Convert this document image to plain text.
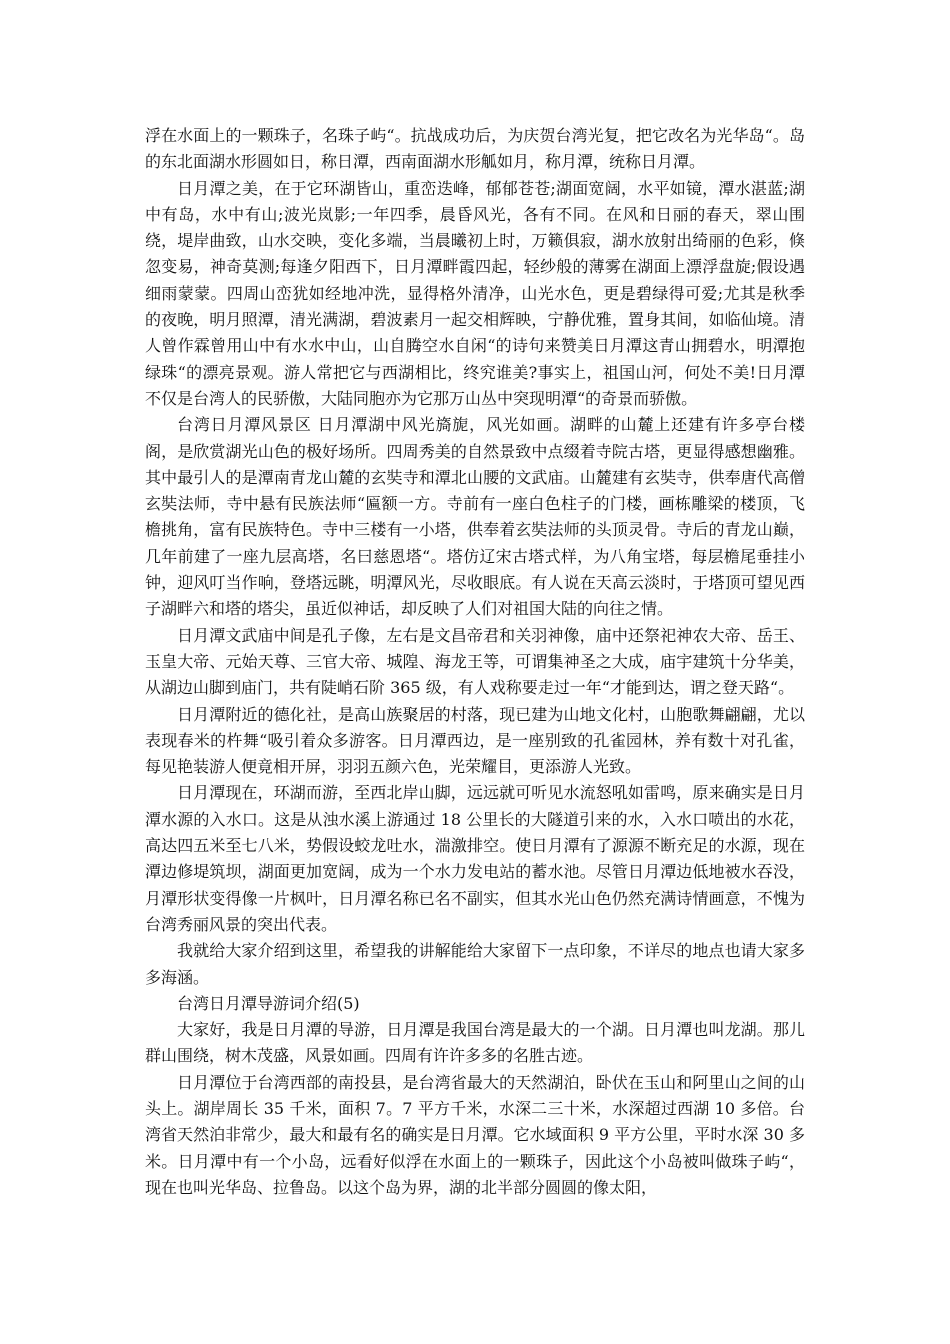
浮在水面上的一颗珠子，名珠子屿“。抗战成功后，为庆贺台湾光复，把它改名为光华岛“。岛的东北面湖水形圆如日，称日潭，西南面湖水形觚如月，称月潭，统称日月潭。

日月潭之美，在于它环湖皆山，重峦迭峰，郁郁苍苍;湖面宽阔，水平如镜，潭水湛蓝;湖中有岛，水中有山;波光岚影;一年四季，晨昏风光，各有不同。在风和日丽的春天，翠山围绕，堤岸曲致，山水交映，变化多端，当晨曦初上时，万籁俱寂，湖水放射出绮丽的色彩，倏忽变易，神奇莫测;每逢夕阳西下，日月潭畔霞四起，轻纱般的薄雾在湖面上漂浮盘旋;假设遇细雨蒙蒙。四周山峦犹如经地冲洗，显得格外清净，山光水色，更是碧绿得可爱;尤其是秋季的夜晚，明月照潭，清光满湖，碧波素月一起交相辉映，宁静优雅，置身其间，如临仙境。清人曾作霖曾用山中有水水中山，山自腾空水自闲“的诗句来赞美日月潭这青山拥碧水，明潭抱绿珠“的漂亮景观。游人常把它与西湖相比，终究谁美?事实上，祖国山河，何处不美!日月潭不仅是台湾人的民骄傲，大陆同胞亦为它那万山丛中突现明潭“的奇景而骄傲。

台湾日月潭风景区 日月潭湖中风光旖旎，风光如画。湖畔的山麓上还建有许多亭台楼阁，是欣赏湖光山色的极好场所。四周秀美的自然景致中点缀着寺院古塔，更显得感想幽雅。其中最引人的是潭南青龙山麓的玄奘寺和潭北山腰的文武庙。山麓建有玄奘寺，供奉唐代高僧玄奘法师，寺中悬有民族法师“匾额一方。寺前有一座白色柱子的门楼，画栋雕梁的楼顶，飞檐挑角，富有民族特色。寺中三楼有一小塔，供奉着玄奘法师的头顶灵骨。寺后的青龙山巅，几年前建了一座九层高塔，名曰慈恩塔“。塔仿辽宋古塔式样，为八角宝塔，每层檐尾垂挂小钟，迎风叮当作响，登塔远眺，明潭风光，尽收眼底。有人说在天高云淡时，于塔顶可望见西子湖畔六和塔的塔尖，虽近似神话，却反映了人们对祖国大陆的向往之情。

日月潭文武庙中间是孔子像，左右是文昌帝君和关羽神像，庙中还祭祀神农大帝、岳王、玉皇大帝、元始天尊、三官大帝、城隍、海龙王等，可谓集神圣之大成，庙宇建筑十分华美，从湖边山脚到庙门，共有陡峭石阶 365 级，有人戏称要走过一年“才能到达，谓之登天路“。

日月潭附近的德化社，是高山族聚居的村落，现已建为山地文化村，山胞歌舞翩翩，尤以表现春米的杵舞“吸引着众多游客。日月潭西边，是一座别致的孔雀园林，养有数十对孔雀，每见艳装游人便竟相开屏，羽羽五颜六色，光荣耀目，更添游人光致。

日月潭现在，环湖而游，至西北岸山脚，远远就可听见水流怒吼如雷鸣，原来确实是日月潭水源的入水口。这是从浊水溪上游通过 18 公里长的大隧道引来的水，入水口喷出的水花，高达四五米至七八米，势假设蛟龙吐水，湍激排空。使日月潭有了源源不断充足的水源，现在潭边修堤筑坝，湖面更加宽阔，成为一个水力发电站的蓄水池。尽管日月潭边低地被水吞没，月潭形状变得像一片枫叶，日月潭名称已名不副实，但其水光山色仍然充满诗情画意，不愧为台湾秀丽风景的突出代表。

我就给大家介绍到这里，希望我的讲解能给大家留下一点印象，不详尽的地点也请大家多多海涵。

台湾日月潭导游词介绍(5)

大家好，我是日月潭的导游，日月潭是我国台湾是最大的一个湖。日月潭也叫龙湖。那儿群山围绕，树木茂盛，风景如画。四周有许许多多的名胜古迹。

日月潭位于台湾西部的南投县，是台湾省最大的天然湖泊，卧伏在玉山和阿里山之间的山头上。湖岸周长 35 千米，面积 7。7 平方千米，水深二三十米，水深超过西湖 10 多倍。台湾省天然泊非常少，最大和最有名的确实是日月潭。它水域面积 9 平方公里，平时水深 30 多米。日月潭中有一个小岛，远看好似浮在水面上的一颗珠子，因此这个小岛被叫做珠子屿“，现在也叫光华岛、拉鲁岛。以这个岛为界，湖的北半部分圆圆的像太阳，
